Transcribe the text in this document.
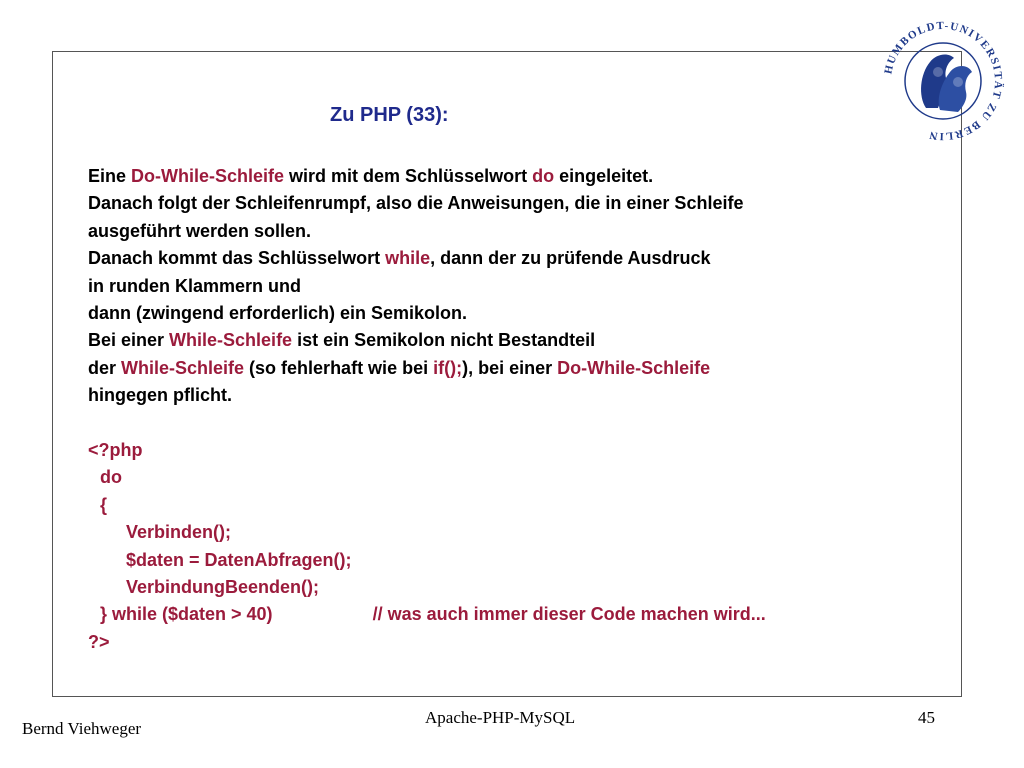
Zu PHP (33):
Eine Do-While-Schleife wird mit dem Schlüsselwort do eingeleitet.
Danach folgt der Schleifenrumpf, also die Anweisungen, die in einer Schleife
ausgeführt werden sollen.
Danach kommt das Schlüsselwort while, dann der zu prüfende Ausdruck
in runden Klammern und
dann (zwingend erforderlich) ein Semikolon.
Bei einer While-Schleife ist ein Semikolon nicht Bestandteil
der While-Schleife (so fehlerhaft wie bei if();), bei einer Do-While-Schleife
hingegen pflicht.
<?php
do
{
Verbinden();
$daten = DatenAbfragen();
VerbindungBeenden();
} while ($daten > 40)	// was auch immer dieser Code machen wird...
?>
HUMBOLDT-UNIVERSITÄT ZU BERLIN
Bernd Viehweger
Apache-PHP-MySQL	45
